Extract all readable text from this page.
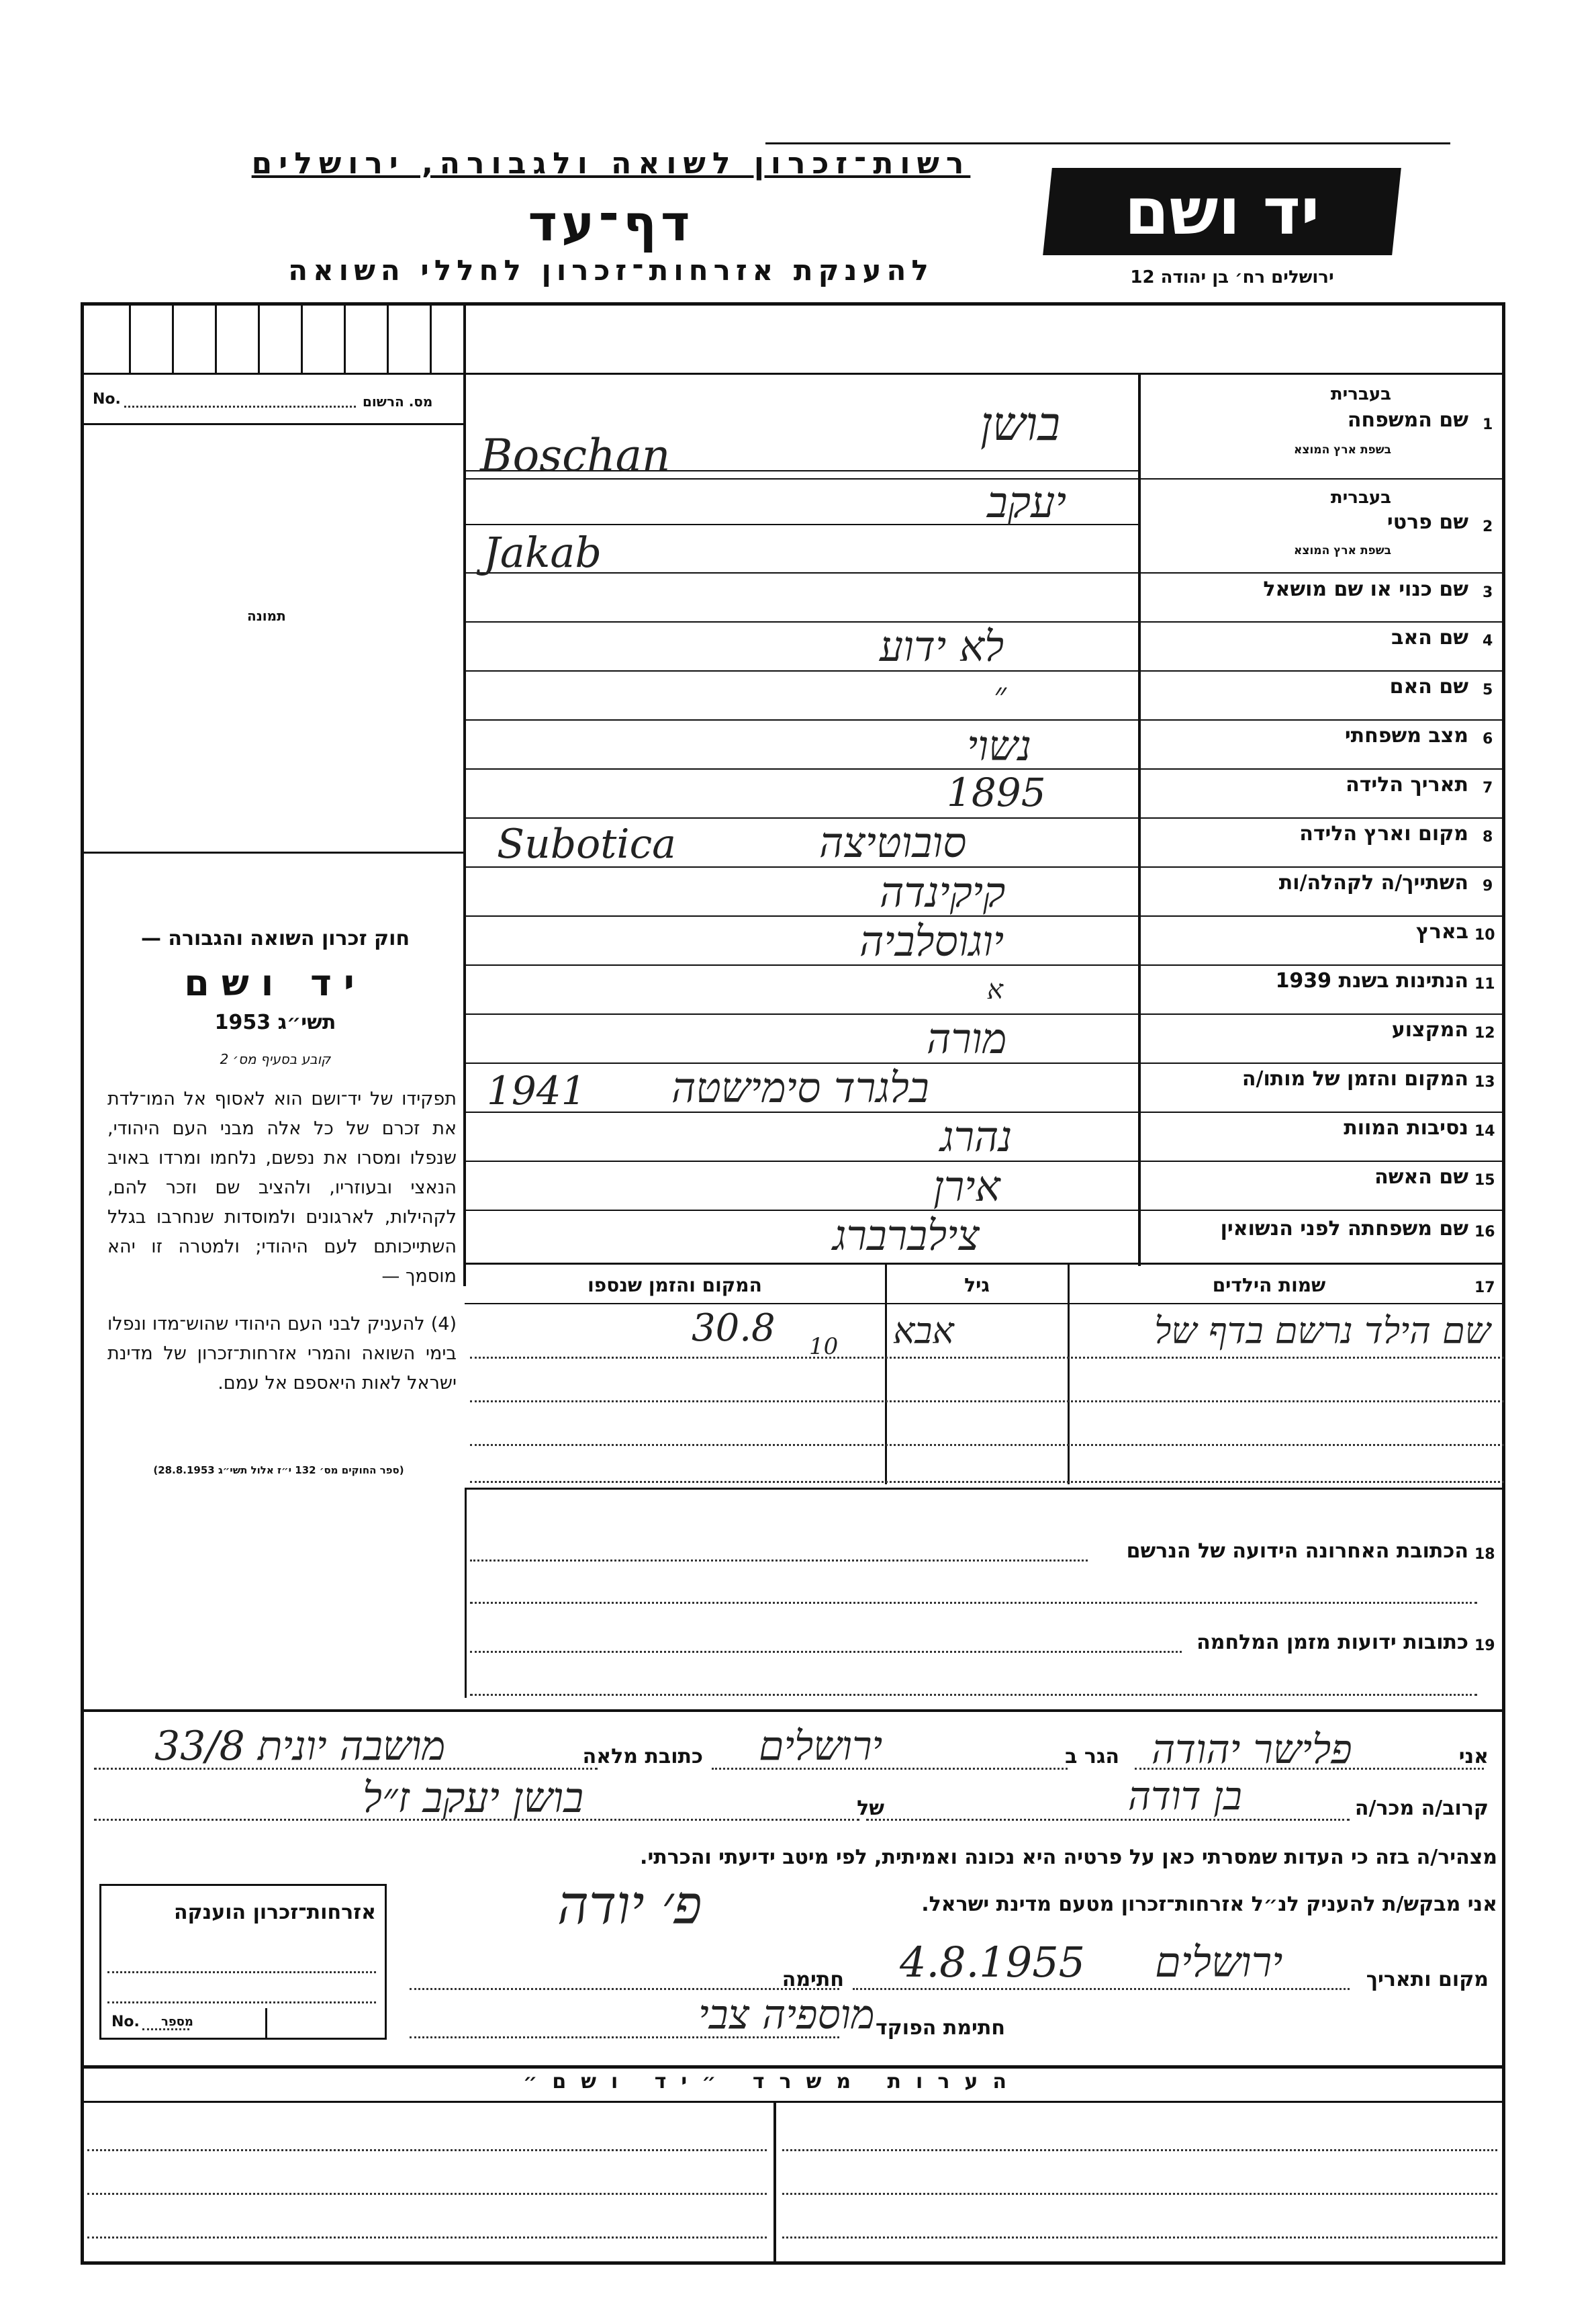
רשות־זכרון לשואה ולגבורה, ירושלים
דף־עד
להענקת אזרחות־זכרון לחללי השואה
יד ושם
ירושלים רח׳ בן יהודה 12
No.	מס. הרשום
תמונה
1
שם המשפחה
בעברית
בשפת ארץ המוצא
בושן
Boschan
2
שם פרטי
בעברית
בשפת ארץ המוצא
יעקב
Jakab
3
שם כנוי או שם מושאל
4
שם האב
לא ידוע
5
שם האם
״
6
מצב משפחתי
נשוי
7
תאריך הלידה
1895
8
מקום וארץ הלידה
סובוטיצה
Subotica
9
השתייך/ה לקהלה/ות
קיקינדה
10
בארץ
יוגוסלביה
11
הנתינות בשנת 1939
א
12
המקצוע
מורה
13
המקום והזמן של מותו/ה
בלגרד סימישטה
1941
14
נסיבות המוות
נהרג
15
שם האשה
אירן
16
שם משפחתה לפני הנשואין
צילברברג
חוק זכרון השואה והגבורה —
יד ושם
תשי״ג 1953
קובע בסעיף מס׳ 2
תפקידו של יד־ושם הוא לאסוף אל המו־לדת את זכרם של כל אלה מבני העם היהודי, שנפלו ומסרו את נפשם, נלחמו ומרדו באויב הנאצי ובעוזריו, ולהציב שם וזכר להם, לקהילות, לארגונים ולמוסדות שנחרבו בגלל השתייכותם לעם היהודי; ולמטרה זו יהא מוסמך —
(4) להעניק לבני העם היהודי שהוש־מדו ונפלו בימי השואה והמרי אזרחות־זכרון של מדינת ישראל לאות היאספם אל עמם.
(ספר החוקים מס׳ 132 י״ז אלול תשי״ג 28.8.1953)
17
שמות הילדים
גיל
המקום והזמן שנספו
שם הילד נרשם בדף של
אבא
30.8 10
18
הכתובת האחרונה הידועה של הנרשם
19
כתובות ידועות מזמן המלחמה
אני
פלישר יהודה
הגר ב
ירושלים
כתובת מלאה
מושבה יונית 33/8
קרוב/ה מכר/ה
בן דודה
של
בושן יעקב ז״ל
מצהיר/ה בזה כי העדות שמסרתי כאן על פרטיה היא נכונה ואמיתית, לפי מיטב ידיעתי והכרתי.
אני מבקש/ת להעניק לנ״ל אזרחות־זכרון מטעם מדינת ישראל.
פ׳ יודה
מקום ותאריך
ירושלים
4.8.1955
חתימה
חתימת הפוקד
מוספיה צבי
אזרחות־זכרון הוענקה
No. מספר
הערות משרד ״יד ושם״
